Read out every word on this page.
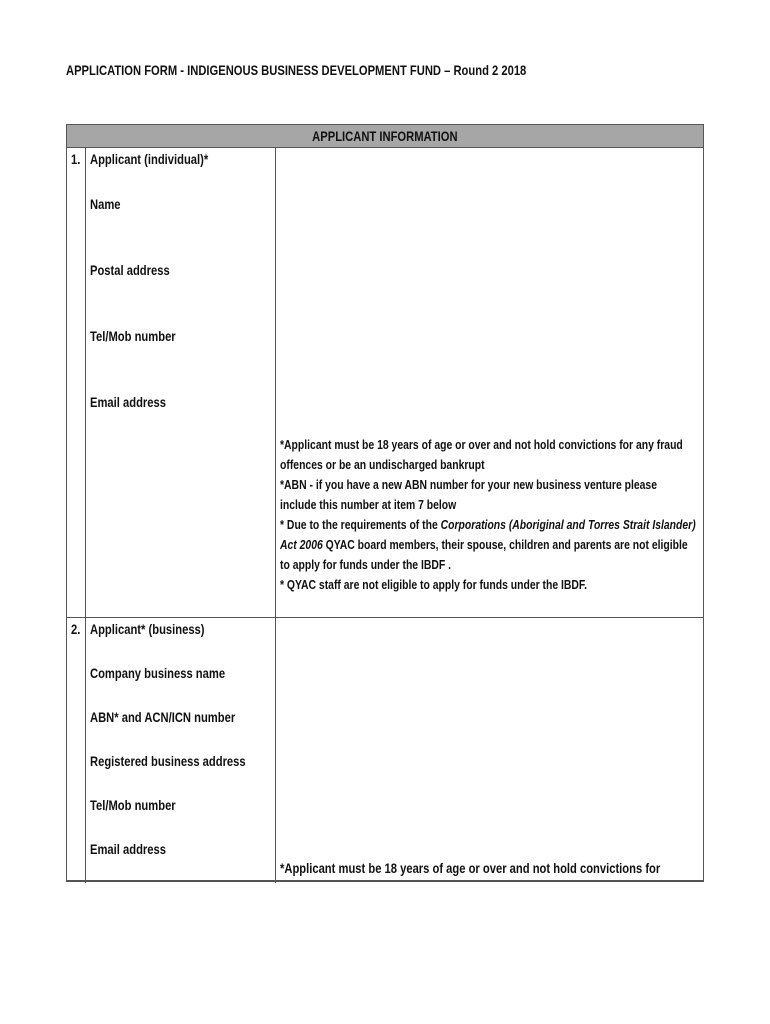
APPLICATION FORM - INDIGENOUS BUSINESS DEVELOPMENT FUND – Round 2 2018
APPLICANT INFORMATION
1. Applicant (individual)*
Name
Postal address
Tel/Mob number
Email address

*Applicant must be 18 years of age or over and not hold convictions for any fraud offences or be an undischarged bankrupt

*ABN - if you have a new ABN number for your new business venture please include this number at item 7 below

* Due to the requirements of the Corporations (Aboriginal and Torres Strait Islander) Act 2006 QYAC board members, their spouse, children and parents are not eligible to apply for funds under the IBDF .

* QYAC staff are not eligible to apply for funds under the IBDF.

2. Applicant* (business)
Company business name
ABN* and ACN/ICN number
Registered business address
Tel/Mob number
Email address
*Applicant must be 18 years of age or over and not hold convictions for
